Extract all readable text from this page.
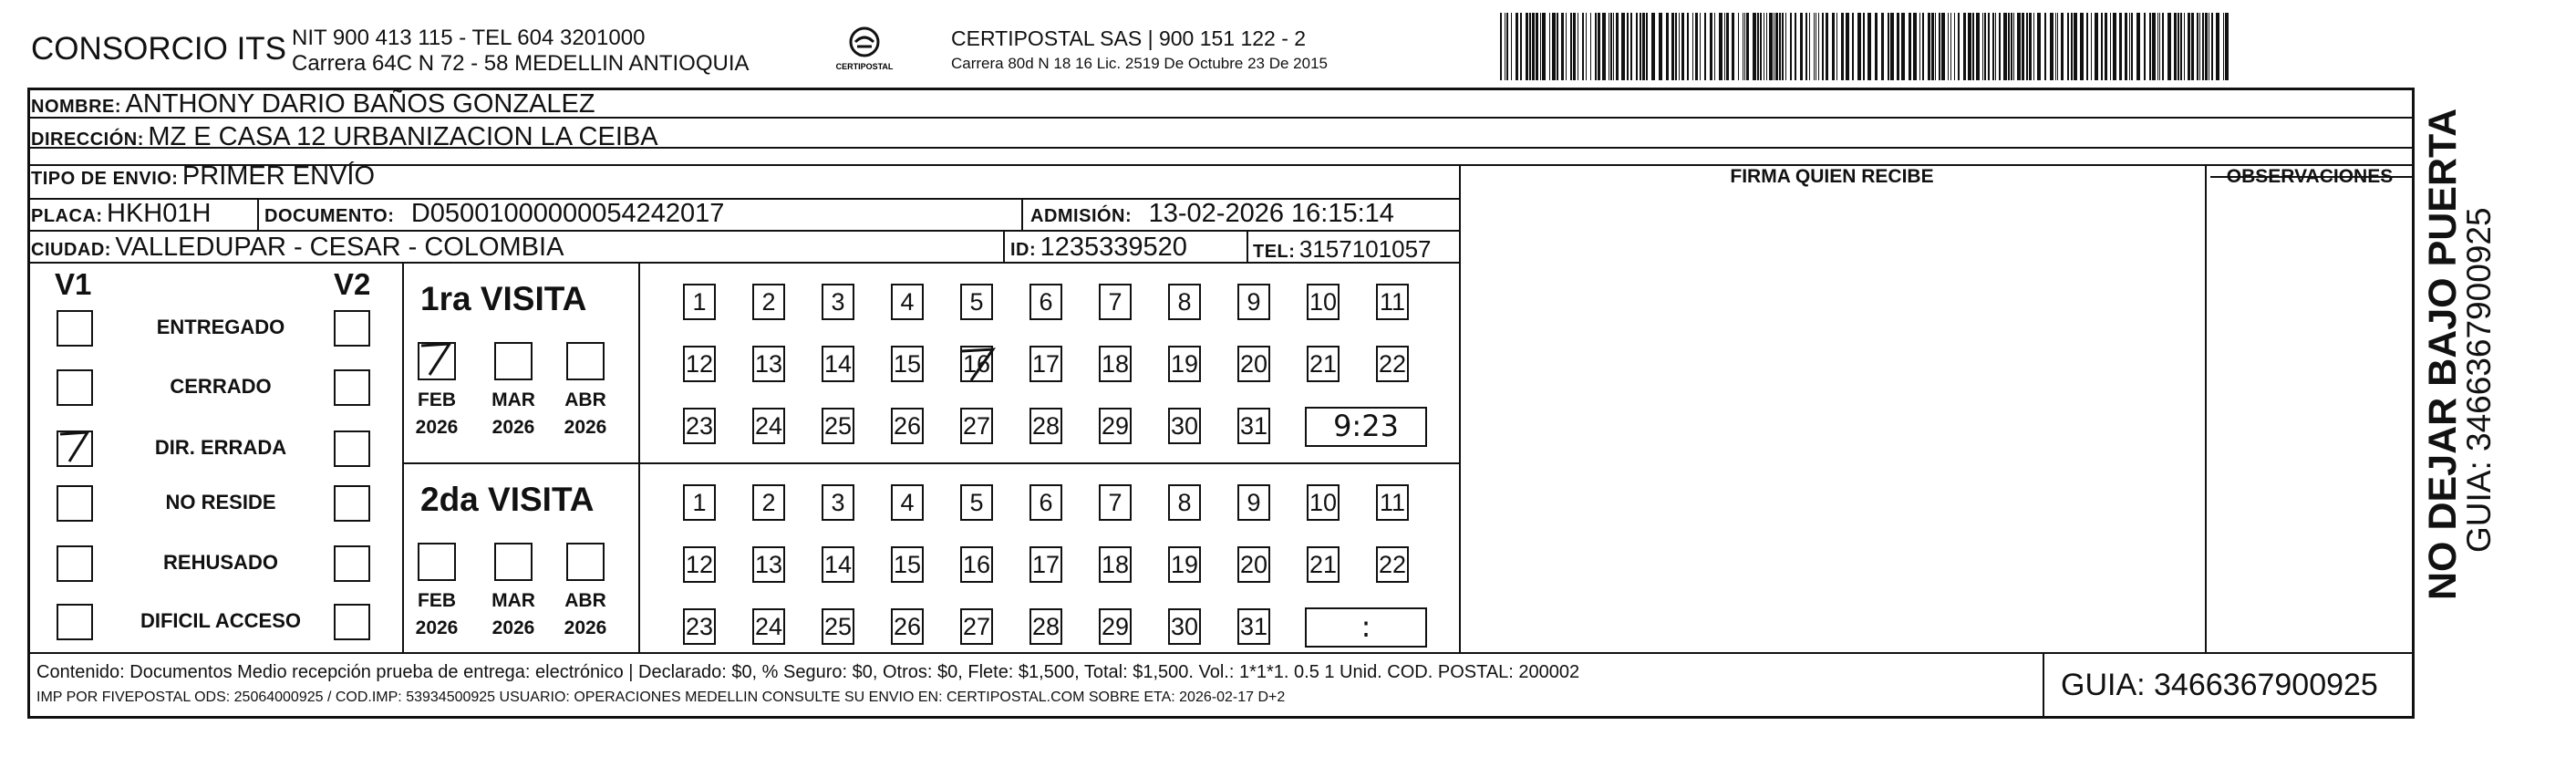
CONSORCIO ITS NIT 900 413 115 - TEL 604 3201000
Carrera 64C N 72 - 58 MEDELLIN ANTIOQUIA	CERTIPOSTAL
CERTIPOSTAL SAS | 900 151 122 - 2
Carrera 80d N 18 16 Lic. 2519 De Octubre 23 De 2015
NOMBRE: ANTHONY DARIO BAÑOS GONZALEZ
DIRECCIÓN: MZ E CASA 12 URBANIZACION LA CEIBA
TIPO DE ENVIO: PRIMER ENVÍO
PLACA: HKH01H	DOCUMENTO: D05001000000054242017	ADMISIÓN: 13-02-2026 16:15:14
CIUDAD: VALLEDUPAR - CESAR - COLOMBIA	ID: 1235339520	TEL: 3157101057
FIRMA QUIEN RECIBE	OBSERVACIONES
V1	V2
ENTREGADO
CERRADO
DIR. ERRADA
NO RESIDE
REHUSADO
DIFICIL ACCESO
1ra VISITA
FEB
2026
MAR
2026
ABR
2026
1	2	3	4	5	6	7	8	9	10 11
12 13 14 15 16 17 18 19 20 21 22
23 24 25 26 27 28 29 30 31	9:23
2da VISITA
FEB
2026
MAR
2026
ABR
2026
1	2	3	4	5	6	7	8	9	10 11
12 13 14 15 16 17 18 19 20 21 22
23 24 25 26 27 28 29 30 31	:
Contenido: Documentos Medio recepción prueba de entrega: electrónico | Declarado: $0, % Seguro: $0, Otros: $0, Flete: $1,500, Total: $1,500. Vol.: 1*1*1. 0.5 1 Unid. COD. POSTAL: 200002
IMP POR FIVEPOSTAL ODS: 25064000925 / COD.IMP: 53934500925 USUARIO: OPERACIONES MEDELLIN CONSULTE SU ENVIO EN: CERTIPOSTAL.COM SOBRE ETA: 2026-02-17 D+2	GUIA: 3466367900925
NO DEJAR BAJO PUERTA
GUIA: 3466367900925
